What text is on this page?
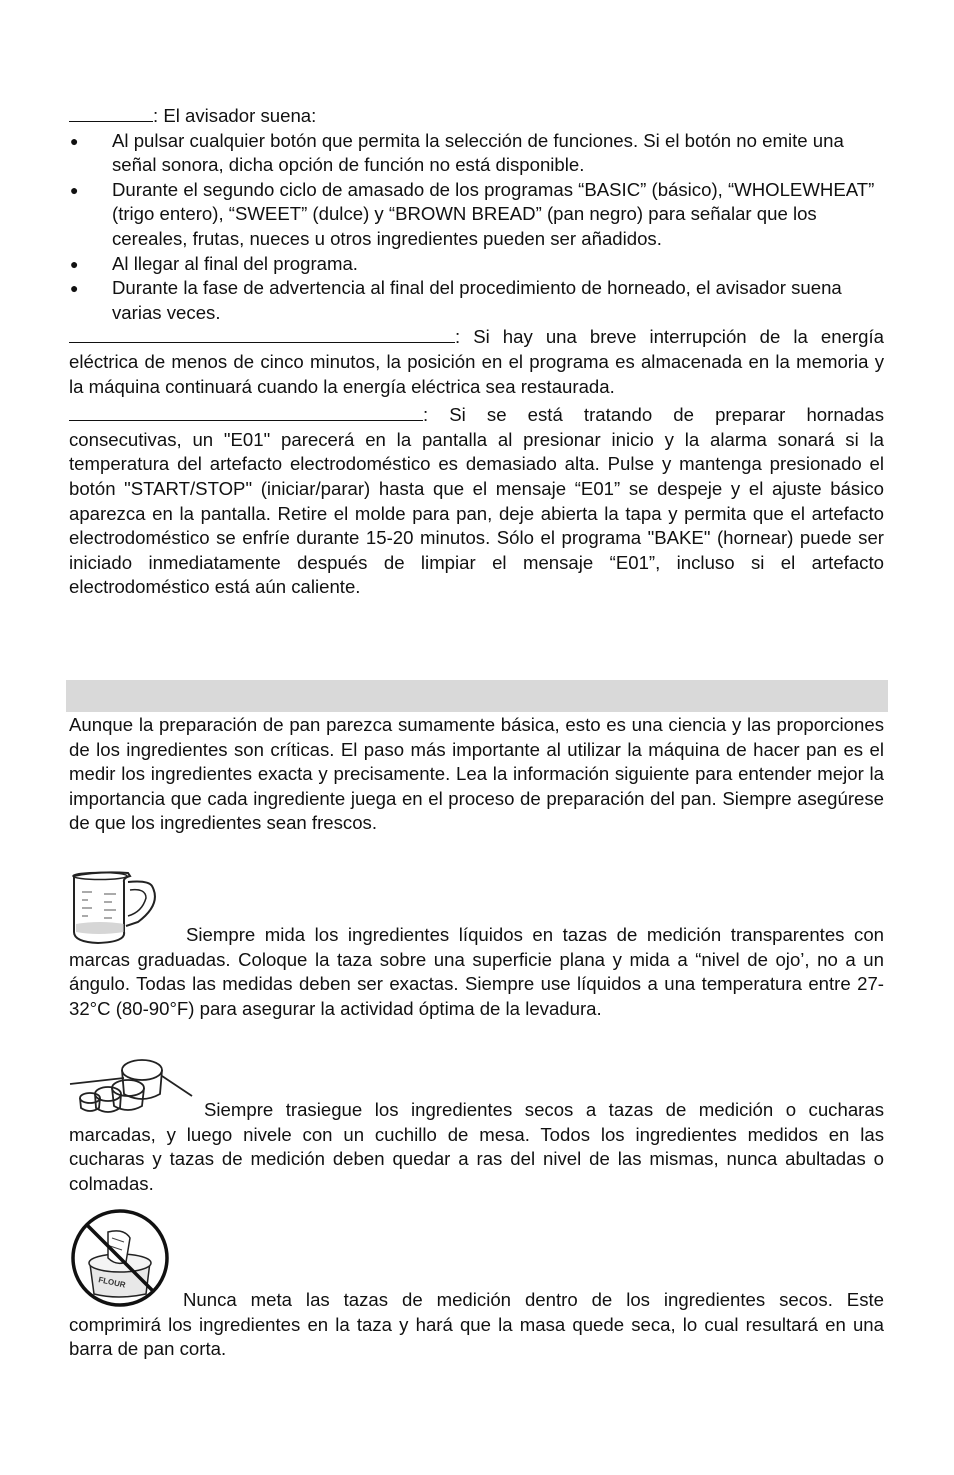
: El avisador suena:
● Al pulsar cualquier botón que permita la selección de funciones. Si el botón no emite una señal sonora, dicha opción de función no está disponible.
● Durante el segundo ciclo de amasado de los programas “BASIC” (básico), “WHOLEWHEAT” (trigo entero), “SWEET” (dulce) y “BROWN BREAD” (pan negro) para señalar que los cereales, frutas, nueces u otros ingredientes pueden ser añadidos.
● Al llegar al final del programa.
● Durante la fase de advertencia al final del procedimiento de horneado, el avisador suena varias veces.

: Si hay una breve interrupción de la energía eléctrica de menos de cinco minutos, la posición en el programa es almacenada en la memoria y la máquina continuará cuando la energía eléctrica sea restaurada.

: Si se está tratando de preparar hornadas consecutivas, un "E01" parecerá en la pantalla al presionar inicio y la alarma sonará si la temperatura del artefacto electrodoméstico es demasiado alta. Pulse y mantenga presionado el botón "START/STOP" (iniciar/parar) hasta que el mensaje “E01” se despeje y el ajuste básico aparezca en la pantalla. Retire el molde para pan, deje abierta la tapa y permita que el artefacto electrodoméstico se enfríe durante 15-20 minutos. Sólo el programa "BAKE" (hornear) puede ser iniciado inmediatamente después de limpiar el mensaje “E01”, incluso si el artefacto electrodoméstico está aún caliente.

Aunque la preparación de pan parezca sumamente básica, esto es una ciencia y las proporciones de los ingredientes son críticas. El paso más importante al utilizar la máquina de hacer pan es el medir los ingredientes exacta y precisamente. Lea la información siguiente para entender mejor la importancia que cada ingrediente juega en el proceso de preparación del pan. Siempre asegúrese de que los ingredientes sean frescos.

Siempre mida los ingredientes líquidos en tazas de medición transparentes con marcas graduadas. Coloque la taza sobre una superficie plana y mida a “nivel de ojo’, no a un ángulo. Todas las medidas deben ser exactas. Siempre use líquidos a una temperatura entre 27-32°C (80-90°F) para asegurar la actividad óptima de la levadura.

Siempre trasiegue los ingredientes secos a tazas de medición o cucharas marcadas, y luego nivele con un cuchillo de mesa. Todos los ingredientes medidos en las cucharas y tazas de medición deben quedar a ras del nivel de las mismas, nunca abultadas o colmadas.

FLOUR

Nunca meta las tazas de medición dentro de los ingredientes secos. Este comprimirá los ingredientes en la taza y hará que la masa quede seca, lo cual resultará en una barra de pan corta.
